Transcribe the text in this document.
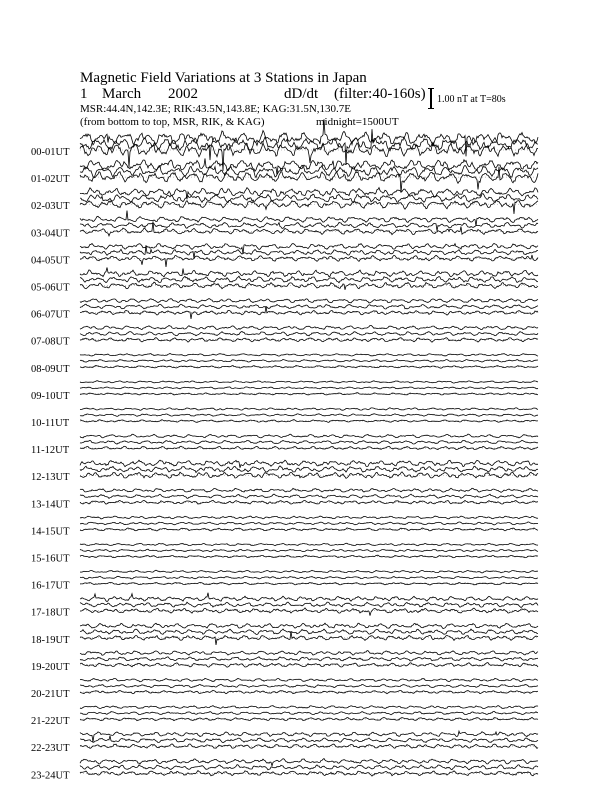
Magnetic Field Variations at 3 Stations in Japan
1 March 2002	dD/dt (filter:40-160s)
MSR:44.4N,142.3E; RIK:43.5N,143.8E; KAG:31.5N,130.7E
(from bottom to top, MSR, RIK, & KAG)	midnight=1500UT
1.00 nT at T=80s
00-01UT
01-02UT
02-03UT
03-04UT
04-05UT
05-06UT
06-07UT
07-08UT
08-09UT
09-10UT
10-11UT
11-12UT
12-13UT
13-14UT
14-15UT
15-16UT
16-17UT
17-18UT
18-19UT
19-20UT
20-21UT
21-22UT
22-23UT
23-24UT
